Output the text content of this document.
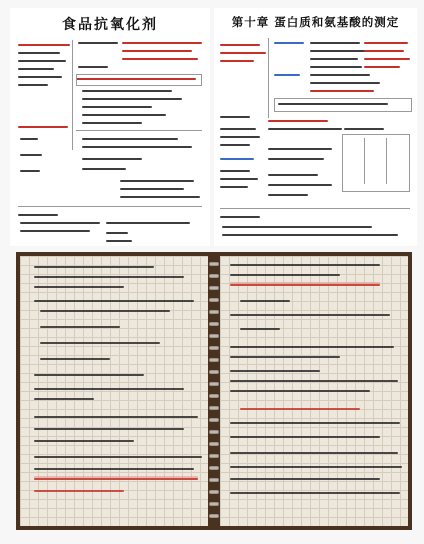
食品抗氧化剂	第十章 蛋白质和氨基酸的测定
